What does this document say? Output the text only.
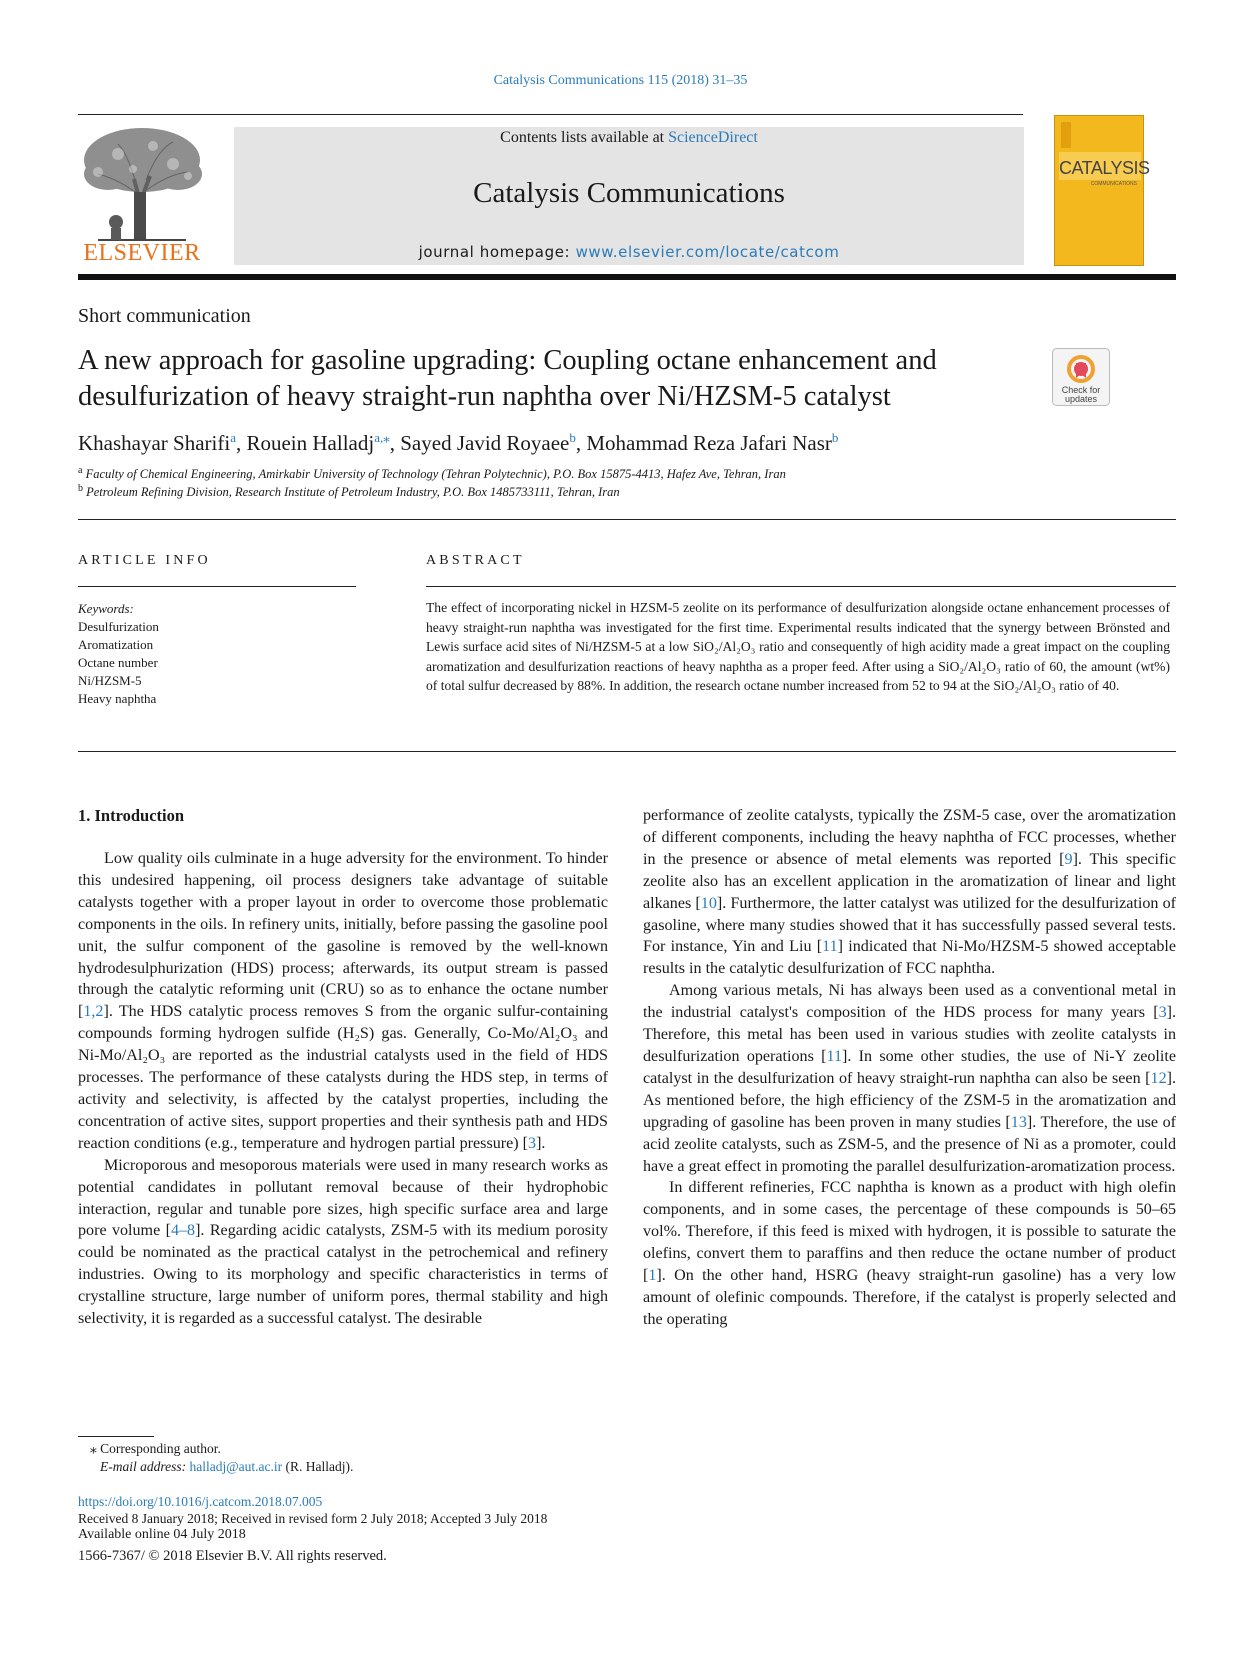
Catalysis Communications 115 (2018) 31–35
ELSEVIER
Contents lists available at ScienceDirect
Catalysis Communications
journal homepage: www.elsevier.com/locate/catcom
CATALYSIS
COMMUNICATIONS
Short communication
A new approach for gasoline upgrading: Coupling octane enhancement and desulfurization of heavy straight-run naphtha over Ni/HZSM-5 catalyst	Check for updates
Khashayar Sharifi$^a$, Rouein Halladj$^{a,⁎}$, Sayed Javid Royaee$^b$, Mohammad Reza Jafari Nasr$^b$
$^a$ Faculty of Chemical Engineering, Amirkabir University of Technology (Tehran Polytechnic), P.O. Box 15875-4413, Hafez Ave, Tehran, Iran
$^b$ Petroleum Refining Division, Research Institute of Petroleum Industry, P.O. Box 1485733111, Tehran, Iran
ARTICLE INFO	ABSTRACT
Keywords:
Desulfurization
Aromatization
Octane number
Ni/HZSM-5
Heavy naphtha
The effect of incorporating nickel in HZSM-5 zeolite on its performance of desulfurization alongside octane enhancement processes of heavy straight-run naphtha was investigated for the first time. Experimental results indicated that the synergy between Brönsted and Lewis surface acid sites of Ni/HZSM-5 at a low SiO₂/Al₂O₃ ratio and consequently of high acidity made a great impact on the coupling aromatization and desulfurization reactions of heavy naphtha as a proper feed. After using a SiO₂/Al₂O₃ ratio of 60, the amount (wt%) of total sulfur decreased by 88%. In addition, the research octane number increased from 52 to 94 at the SiO₂/Al₂O₃ ratio of 40.
1. Introduction

Low quality oils culminate in a huge adversity for the environment. To hinder this undesired happening, oil process designers take advantage of suitable catalysts together with a proper layout in order to overcome those problematic components in the oils. In refinery units, initially, before passing the gasoline pool unit, the sulfur component of the gasoline is removed by the well-known hydrodesulphurization (HDS) process; afterwards, its output stream is passed through the catalytic reforming unit (CRU) so as to enhance the octane number [1,2]. The HDS catalytic process removes S from the organic sulfur-containing compounds forming hydrogen sulfide (H₂S) gas. Generally, Co-Mo/Al₂O₃ and Ni-Mo/Al₂O₃ are reported as the industrial catalysts used in the field of HDS processes. The performance of these catalysts during the HDS step, in terms of activity and selectivity, is affected by the catalyst properties, including the concentration of active sites, support properties and their synthesis path and HDS reaction conditions (e.g., temperature and hydrogen partial pressure) [3].

Microporous and mesoporous materials were used in many research works as potential candidates in pollutant removal because of their hydrophobic interaction, regular and tunable pore sizes, high specific surface area and large pore volume [4–8]. Regarding acidic catalysts, ZSM-5 with its medium porosity could be nominated as the practical catalyst in the petrochemical and refinery industries. Owing to its morphology and specific characteristics in terms of crystalline structure, large number of uniform pores, thermal stability and high selectivity, it is regarded as a successful catalyst. The desirable

performance of zeolite catalysts, typically the ZSM-5 case, over the aromatization of different components, including the heavy naphtha of FCC processes, whether in the presence or absence of metal elements was reported [9]. This specific zeolite also has an excellent application in the aromatization of linear and light alkanes [10]. Furthermore, the latter catalyst was utilized for the desulfurization of gasoline, where many studies showed that it has successfully passed several tests. For instance, Yin and Liu [11] indicated that Ni-Mo/HZSM-5 showed acceptable results in the catalytic desulfurization of FCC naphtha.

Among various metals, Ni has always been used as a conventional metal in the industrial catalyst's composition of the HDS process for many years [3]. Therefore, this metal has been used in various studies with zeolite catalysts in desulfurization operations [11]. In some other studies, the use of Ni-Y zeolite catalyst in the desulfurization of heavy straight-run naphtha can also be seen [12]. As mentioned before, the high efficiency of the ZSM-5 in the aromatization and upgrading of gasoline has been proven in many studies [13]. Therefore, the use of acid zeolite catalysts, such as ZSM-5, and the presence of Ni as a promoter, could have a great effect in promoting the parallel desulfurization-aromatization process.

In different refineries, FCC naphtha is known as a product with high olefin components, and in some cases, the percentage of these compounds is 50–65 vol%. Therefore, if this feed is mixed with hydrogen, it is possible to saturate the olefins, convert them to paraffins and then reduce the octane number of product [1]. On the other hand, HSRG (heavy straight-run gasoline) has a very low amount of olefinic compounds. Therefore, if the catalyst is properly selected and the operating

⁎ Corresponding author.
E-mail address: halladj@aut.ac.ir (R. Halladj).
https://doi.org/10.1016/j.catcom.2018.07.005
Received 8 January 2018; Received in revised form 2 July 2018; Accepted 3 July 2018
Available online 04 July 2018
1566-7367/ © 2018 Elsevier B.V. All rights reserved.
